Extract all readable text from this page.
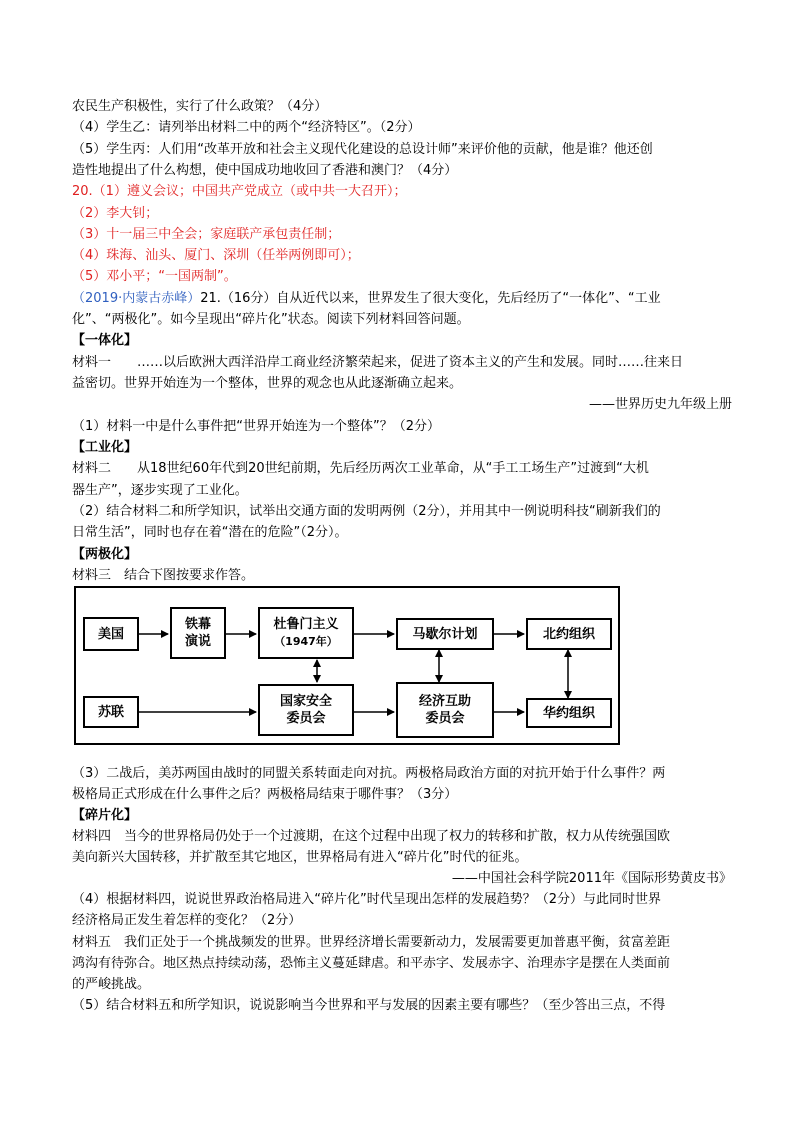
农民生产积极性，实行了什么政策？（4分）
（4）学生乙：请列举出材料二中的两个“经济特区”。（2分）
（5）学生丙：人们用“改革开放和社会主义现代化建设的总设计师”来评价他的贡献，他是谁？他还创
造性地提出了什么构想，使中国成功地收回了香港和澳门？（4分）
20.（1）遵义会议；中国共产党成立（或中共一大召开）；
（2）李大钊；
（3）十一届三中全会；家庭联产承包责任制；
（4）珠海、汕头、厦门、深圳（任举两例即可）；
（5）邓小平；“一国两制”。
（2019·内蒙古赤峰）21.（16分）自从近代以来，世界发生了很大变化，先后经历了“一体化”、“工业
化”、“两极化”。如今呈现出“碎片化”状态。阅读下列材料回答问题。
【一体化】
材料一　　……以后欧洲大西洋沿岸工商业经济繁荣起来，促进了资本主义的产生和发展。同时……往来日
益密切。世界开始连为一个整体，世界的观念也从此逐渐确立起来。
——世界历史九年级上册
（1）材料一中是什么事件把“世界开始连为一个整体”？（2分）
【工业化】
材料二　　从18世纪60年代到20世纪前期，先后经历两次工业革命，从“手工工场生产”过渡到“大机
器生产”，逐步实现了工业化。
（2）结合材料二和所学知识，试举出交通方面的发明两例（2分），并用其中一例说明科技“刷新我们的
日常生活”，同时也存在着“潜在的危险”（2分）。
【两极化】
材料三　结合下图按要求作答。
美国
铁幕
演说
杜鲁门主义
（1947年）	马歇尔计划	北约组织
苏联
国家安全
委员会
经济互助
委员会	华约组织
（3）二战后，美苏两国由战时的同盟关系转面走向对抗。两极格局政治方面的对抗开始于什么事件？两
极格局正式形成在什么事件之后？两极格局结束于哪件事？（3分）
【碎片化】
材料四　当今的世界格局仍处于一个过渡期，在这个过程中出现了权力的转移和扩散，权力从传统强国欧
美向新兴大国转移，并扩散至其它地区，世界格局有进入“碎片化”时代的征兆。
——中国社会科学院2011年《国际形势黄皮书》
（4）根据材料四，说说世界政治格局进入“碎片化”时代呈现出怎样的发展趋势？（2分）与此同时世界
经济格局正发生着怎样的变化？（2分）
材料五　我们正处于一个挑战频发的世界。世界经济增长需要新动力，发展需要更加普惠平衡，贫富差距
鸿沟有待弥合。地区热点持续动荡，恐怖主义蔓延肆虐。和平赤字、发展赤字、治理赤字是摆在人类面前
的严峻挑战。
（5）结合材料五和所学知识，说说影响当今世界和平与发展的因素主要有哪些？（至少答出三点，不得
